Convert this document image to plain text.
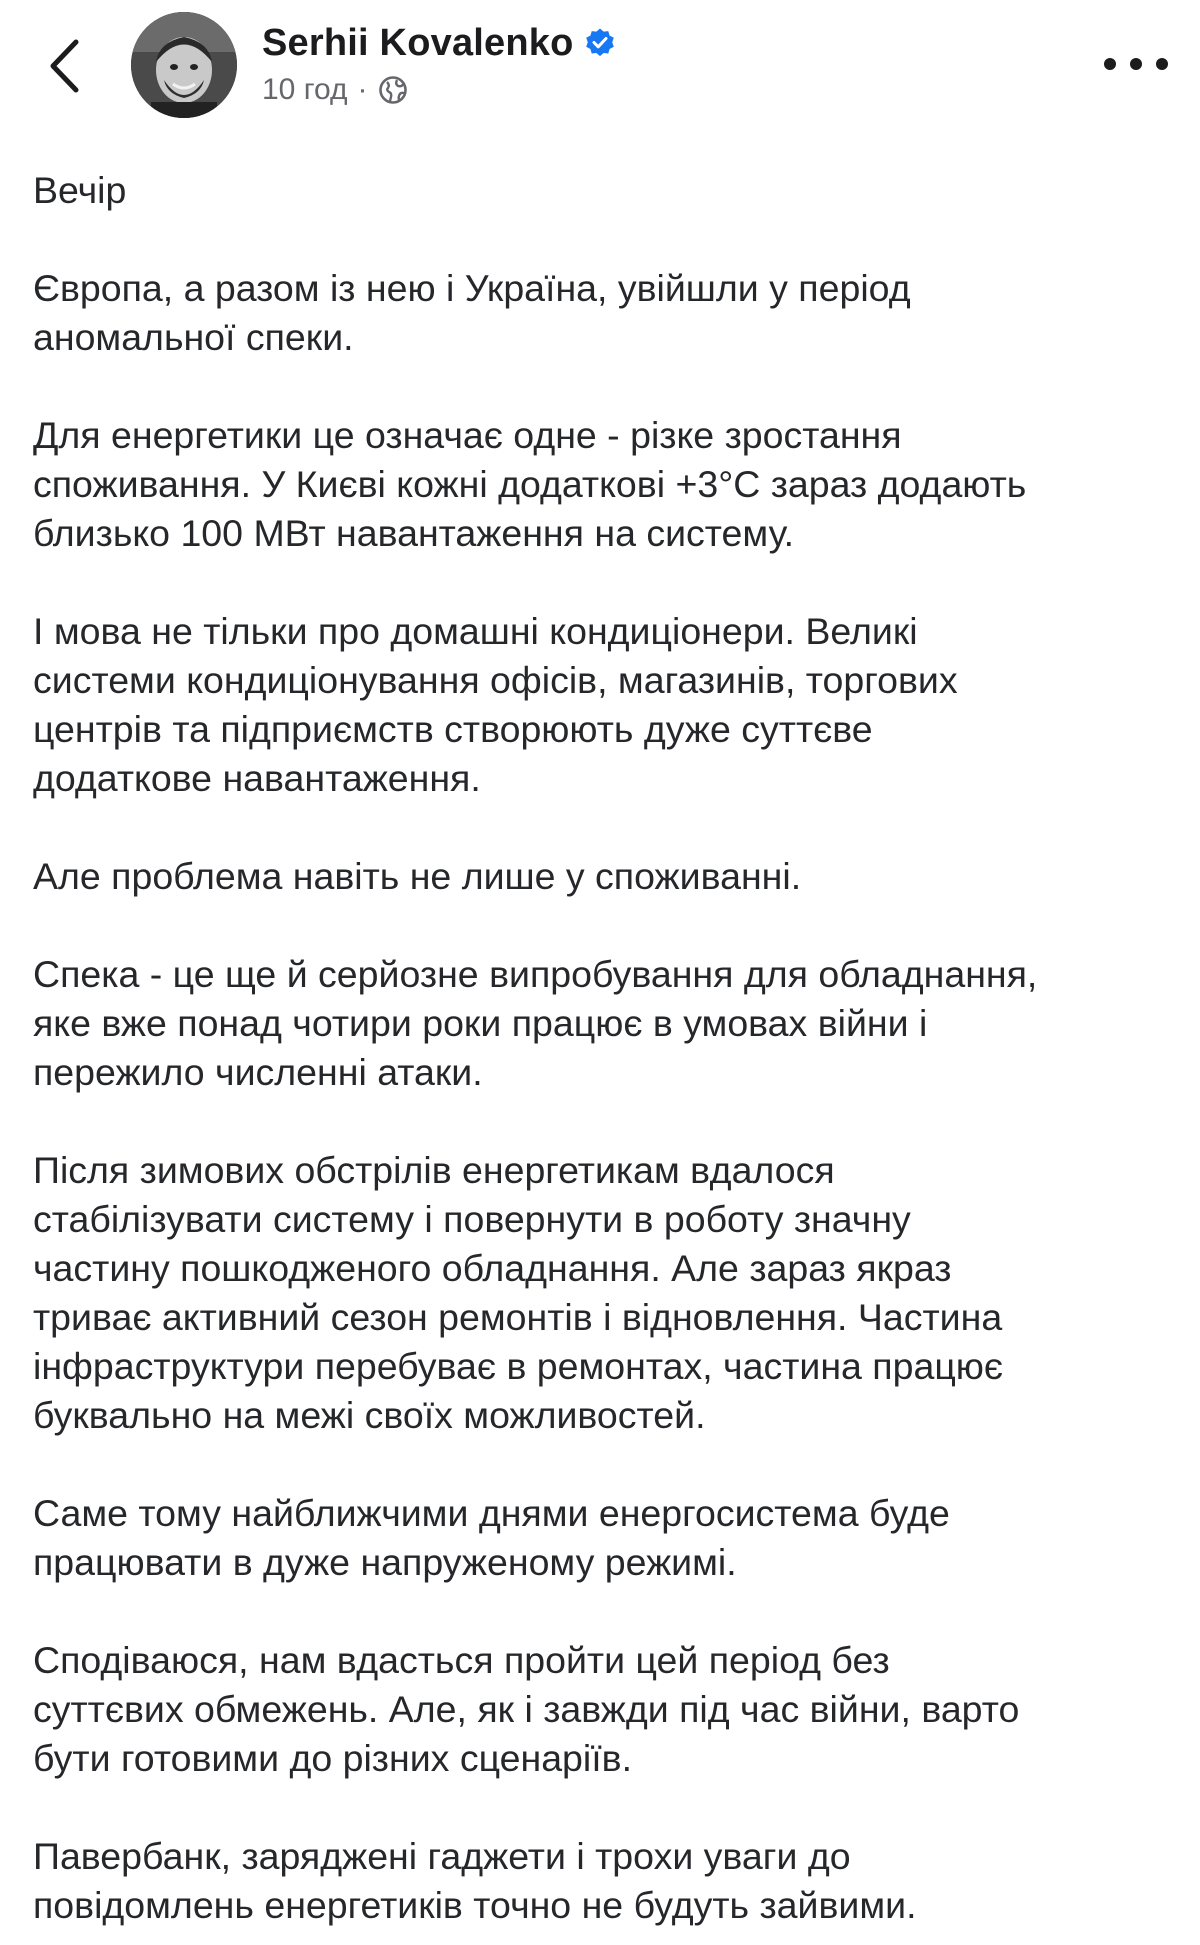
Serhii Kovalenko
10 год ·

Вечір

Європа, а разом із нею і Україна, увійшли у період
аномальної спеки.

Для енергетики це означає одне - різке зростання
споживання. У Києві кожні додаткові +3°С зараз додають
близько 100 МВт навантаження на систему.

І мова не тільки про домашні кондиціонери. Великі
системи кондиціонування офісів, магазинів, торгових
центрів та підприємств створюють дуже суттєве
додаткове навантаження.

Але проблема навіть не лише у споживанні.

Спека - це ще й серйозне випробування для обладнання,
яке вже понад чотири роки працює в умовах війни і
пережило численні атаки.

Після зимових обстрілів енергетикам вдалося
стабілізувати систему і повернути в роботу значну
частину пошкодженого обладнання. Але зараз якраз
триває активний сезон ремонтів і відновлення. Частина
інфраструктури перебуває в ремонтах, частина працює
буквально на межі своїх можливостей.

Саме тому найближчими днями енергосистема буде
працювати в дуже напруженому режимі.

Сподіваюся, нам вдасться пройти цей період без
суттєвих обмежень. Але, як і завжди під час війни, варто
бути готовими до різних сценаріїв.

Павербанк, заряджені гаджети і трохи уваги до
повідомлень енергетиків точно не будуть зайвими.
